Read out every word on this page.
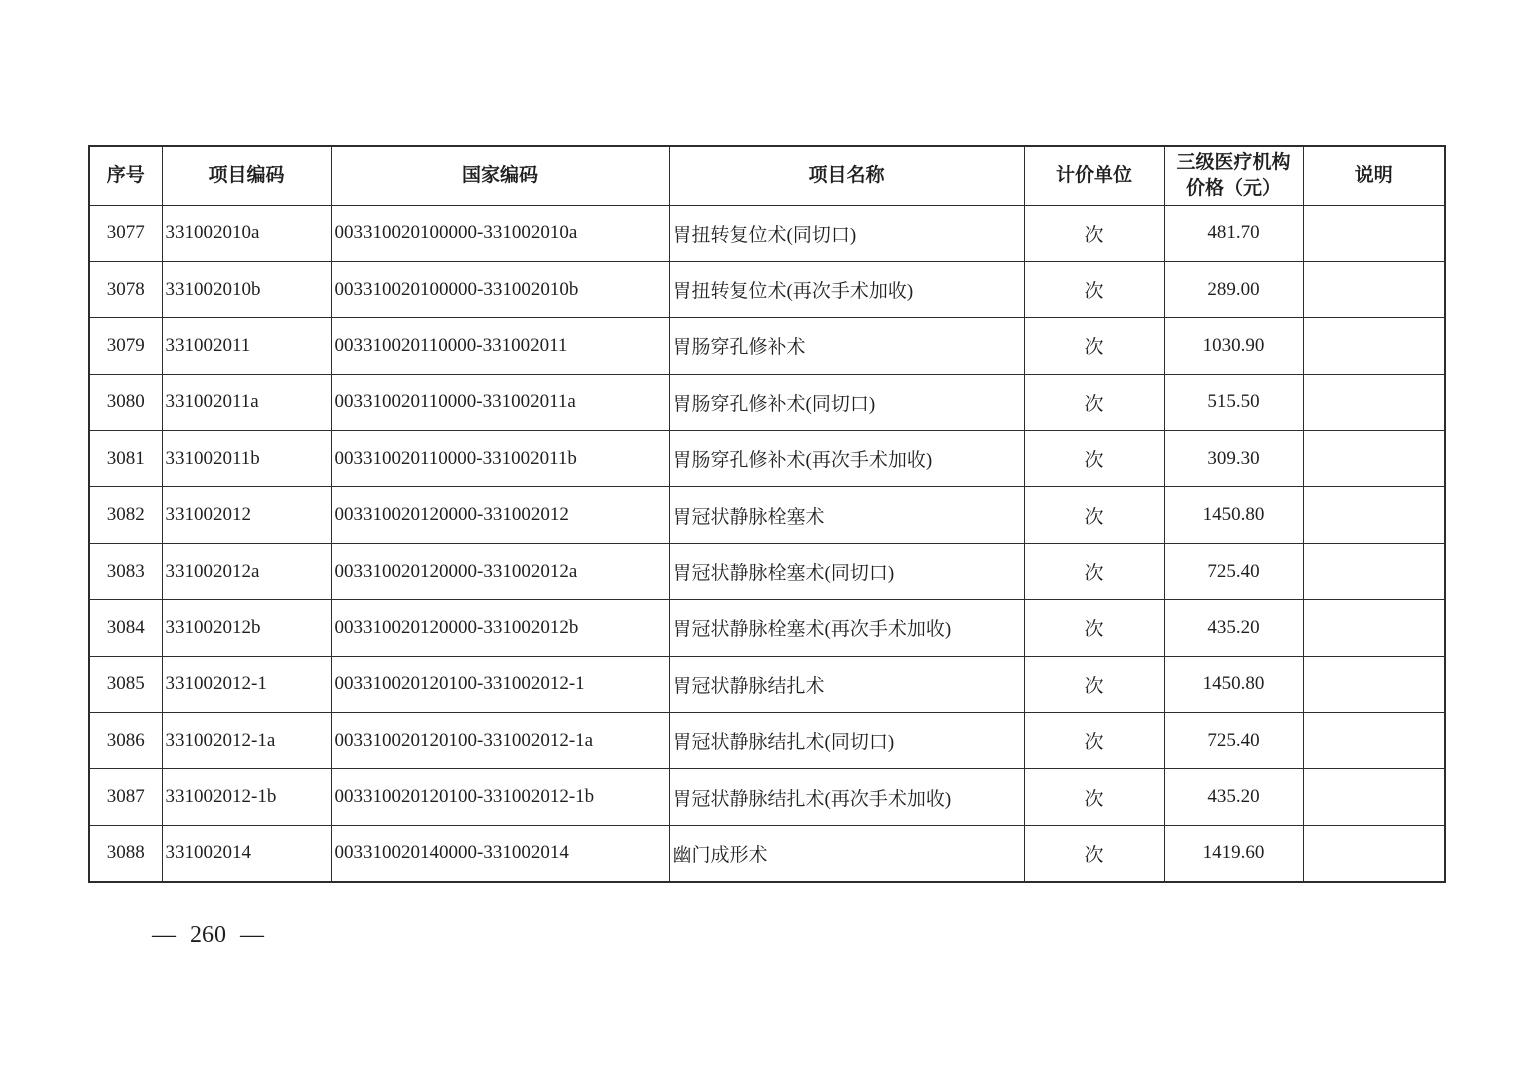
序号	项目编码	国家编码	项目名称	计价单位	三级医疗机构
价格（元）	说明
3077	331002010a	003310020100000-331002010a	胃扭转复位术(同切口)	次	481.70	
3078	331002010b	003310020100000-331002010b	胃扭转复位术(再次手术加收)	次	289.00	
3079	331002011	003310020110000-331002011	胃肠穿孔修补术	次	1030.90	
3080	331002011a	003310020110000-331002011a	胃肠穿孔修补术(同切口)	次	515.50	
3081	331002011b	003310020110000-331002011b	胃肠穿孔修补术(再次手术加收)	次	309.30	
3082	331002012	003310020120000-331002012	胃冠状静脉栓塞术	次	1450.80	
3083	331002012a	003310020120000-331002012a	胃冠状静脉栓塞术(同切口)	次	725.40	
3084	331002012b	003310020120000-331002012b	胃冠状静脉栓塞术(再次手术加收)	次	435.20	
3085	331002012-1	003310020120100-331002012-1	胃冠状静脉结扎术	次	1450.80	
3086	331002012-1a	003310020120100-331002012-1a	胃冠状静脉结扎术(同切口)	次	725.40	
3087	331002012-1b	003310020120100-331002012-1b	胃冠状静脉结扎术(再次手术加收)	次	435.20	
3088	331002014	003310020140000-331002014	幽门成形术	次	1419.60	
— 260 —
